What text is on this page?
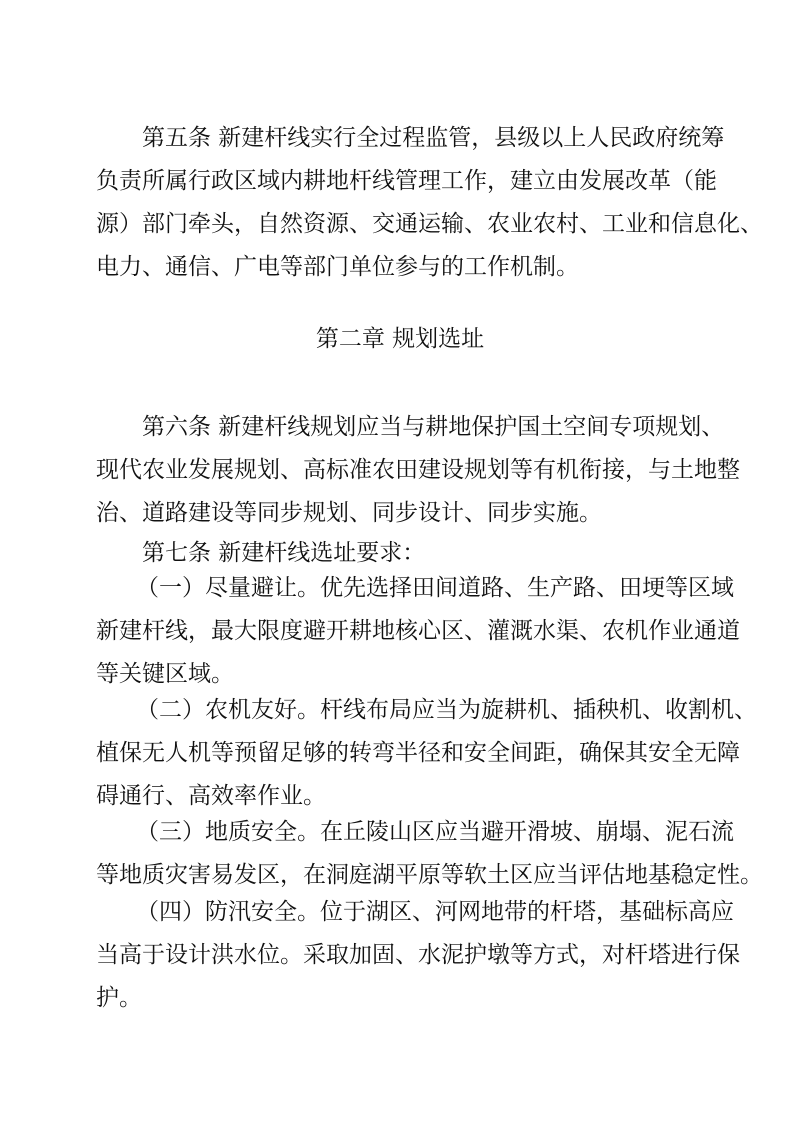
第五条 新建杆线实行全过程监管，县级以上人民政府统筹
负责所属行政区域内耕地杆线管理工作，建立由发展改革（能
源）部门牵头，自然资源、交通运输、农业农村、工业和信息化、
电力、通信、广电等部门单位参与的工作机制。
第二章 规划选址
第六条 新建杆线规划应当与耕地保护国土空间专项规划、
现代农业发展规划、高标准农田建设规划等有机衔接，与土地整
治、道路建设等同步规划、同步设计、同步实施。
第七条 新建杆线选址要求：
（一）尽量避让。优先选择田间道路、生产路、田埂等区域
新建杆线，最大限度避开耕地核心区、灌溉水渠、农机作业通道
等关键区域。
（二）农机友好。杆线布局应当为旋耕机、插秧机、收割机、
植保无人机等预留足够的转弯半径和安全间距，确保其安全无障
碍通行、高效率作业。
（三）地质安全。在丘陵山区应当避开滑坡、崩塌、泥石流
等地质灾害易发区，在洞庭湖平原等软土区应当评估地基稳定性。
（四）防汛安全。位于湖区、河网地带的杆塔，基础标高应
当高于设计洪水位。采取加固、水泥护墩等方式，对杆塔进行保
护。
